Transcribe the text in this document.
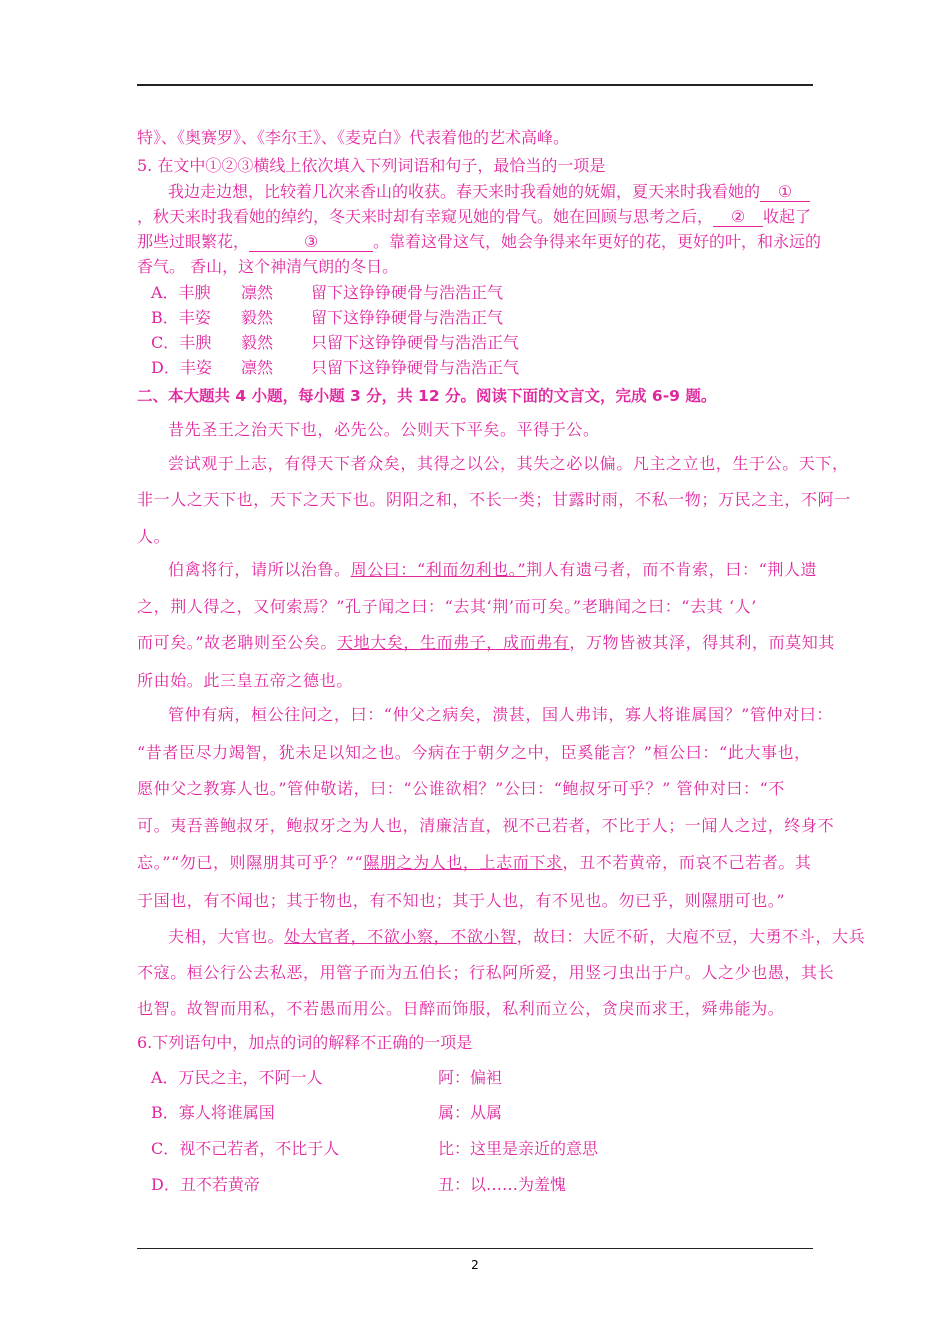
特》、《奥赛罗》、《李尔王》、《麦克白》代表着他的艺术高峰。
5. 在文中①②③横线上依次填入下列词语和句子，最恰当的一项是
我边走边想，比较着几次来香山的收获。春天来时我看她的妩媚，夏天来时我看她的 ①
，秋天来时我看她的绰约，冬天来时却有幸窥见她的骨气。她在回顾与思考之后， ② 收起了
那些过眼繁花，	③	。靠着这骨这气，她会争得来年更好的花，更好的叶，和永远的
香气。 香山，这个神清气朗的冬日。
A．丰腴 凛然 留下这铮铮硬骨与浩浩正气
B．丰姿 毅然 留下这铮铮硬骨与浩浩正气
C．丰腴 毅然 只留下这铮铮硬骨与浩浩正气
D．丰姿 凛然 只留下这铮铮硬骨与浩浩正气
二、本大题共 4 小题，每小题 3 分，共 12 分。阅读下面的文言文，完成 6-9 题。
昔先圣王之治天下也，必先公。公则天下平矣。平得于公。
尝试观于上志，有得天下者众矣，其得之以公，其失之必以偏。凡主之立也，生于公。天下，
非一人之天下也，天下之天下也。阴阳之和，不长一类；甘露时雨，不私一物；万民之主，不阿一
人。
伯禽将行，请所以治鲁。周公曰：“利而勿利也。”荆人有遗弓者，而不肯索，曰：“荆人遗
之，荆人得之，又何索焉？”孔子闻之曰：“去其‘荆’而可矣。”老聃闻之曰：“去其 ‘人’
而可矣。”故老聃则至公矣。天地大矣，生而弗子，成而弗有，万物皆被其泽，得其利，而莫知其
所由始。此三皇五帝之德也。
管仲有病，桓公往问之，曰：“仲父之病矣，溃甚，国人弗讳，寡人将谁属国？”管仲对曰：
“昔者臣尽力竭智，犹未足以知之也。今病在于朝夕之中，臣奚能言？”桓公曰：“此大事也，
愿仲父之教寡人也。”管仲敬诺，曰：“公谁欲相？”公曰：“鲍叔牙可乎？” 管仲对曰：“不
可。夷吾善鲍叔牙，鲍叔牙之为人也，清廉洁直，视不己若者，不比于人；一闻人之过，终身不
忘。”“勿已，则隰朋其可乎？”“隰朋之为人也，上志而下求，丑不若黄帝，而哀不己若者。其
于国也，有不闻也；其于物也，有不知也；其于人也，有不见也。勿已乎，则隰朋可也。”
夫相，大官也。处大官者，不欲小察，不欲小智，故曰：大匠不斫，大庖不豆，大勇不斗，大兵
不寇。桓公行公去私恶，用管子而为五伯长；行私阿所爱，用竖刁虫出于户。人之少也愚，其长
也智。故智而用私，不若愚而用公。日醉而饰服，私利而立公，贪戾而求王，舜弗能为。
6.下列语句中，加点的词的解释不正确的一项是
A．万民之主，不阿一人	阿：偏袒
B．寡人将谁属国	属：从属
C．视不己若者，不比于人	比：这里是亲近的意思
D．丑不若黄帝	丑：以……为羞愧
2
